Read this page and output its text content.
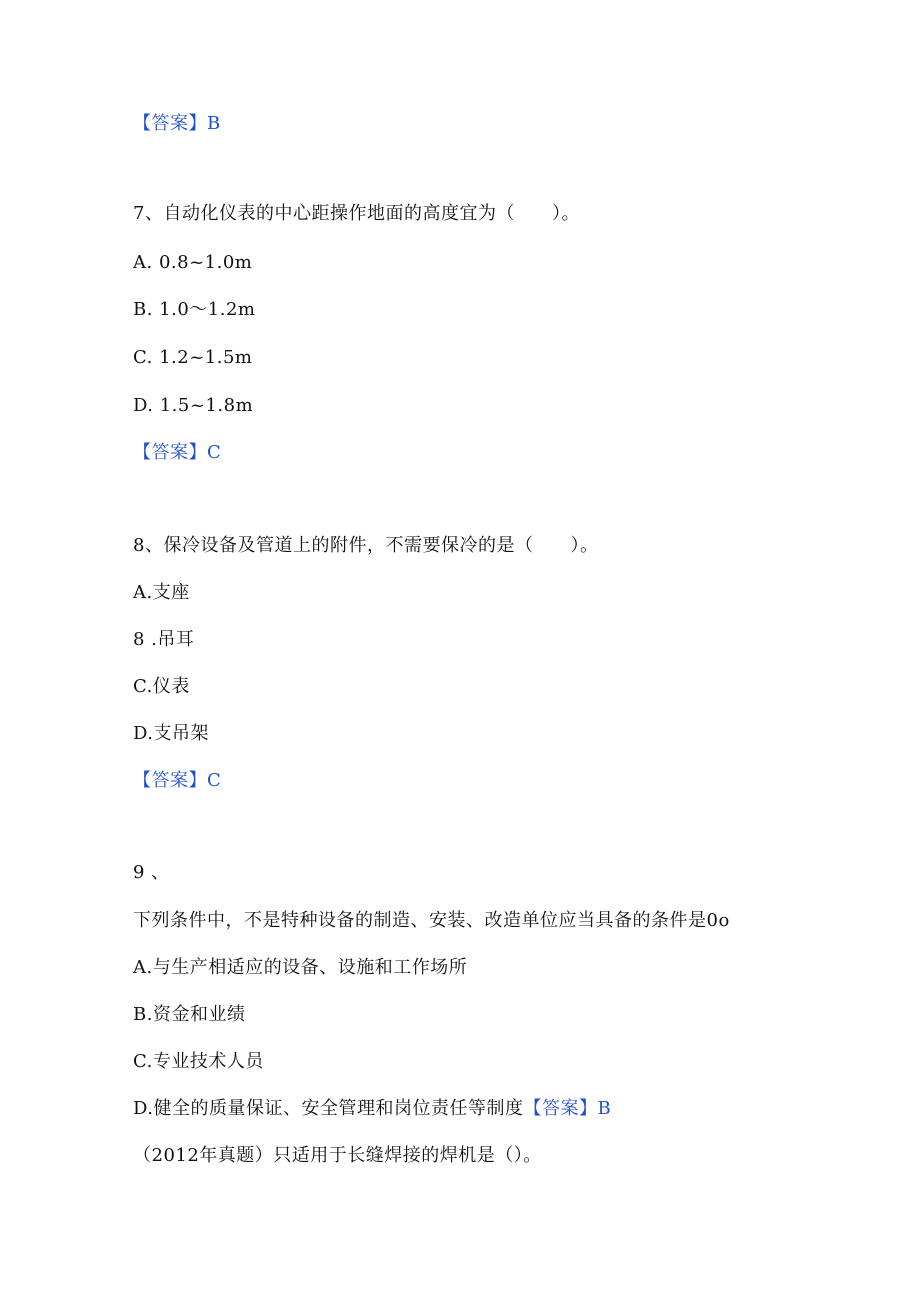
【答案】B
7、自动化仪表的中心距操作地面的高度宜为（　　）。
A. 0.8~1.0m
B. 1.0～1.2m
C. 1.2~1.5m
D. 1.5~1.8m
【答案】C
8、保冷设备及管道上的附件，不需要保冷的是（　　）。
A.支座
8 .吊耳
C.仪表
D.支吊架
【答案】C
9 、
下列条件中，不是特种设备的制造、安装、改造单位应当具备的条件是0o
A.与生产相适应的设备、设施和工作场所
B.资金和业绩
C.专业技术人员
D.健全的质量保证、安全管理和岗位责任等制度【答案】B
（2012年真题）只适用于长缝焊接的焊机是（）。
